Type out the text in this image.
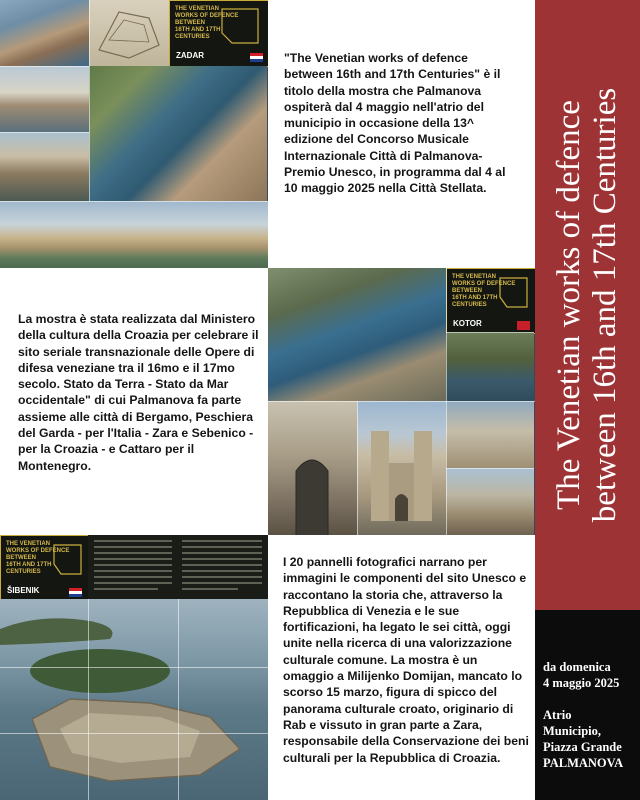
THE VENETIAN
WORKS OF DEFENCE
BETWEEN
16TH AND 17TH
CENTURIES
ZADAR
THE VENETIAN
WORKS OF DEFENCE
BETWEEN
16TH AND 17TH
CENTURIES
KOTOR
THE VENETIAN
WORKS OF DEFENCE
BETWEEN
16TH AND 17TH
CENTURIES
ŠIBENIK
"The Venetian works of defence between 16th and 17th Centuries" è il titolo della mostra che Palmanova ospiterà dal 4 maggio nell'atrio del municipio in occasione della 13^ edizione del Concorso Musicale Internazionale Città di Palmanova-Premio Unesco, in programma dal 4 al 10 maggio 2025 nella Città Stellata.
La mostra è stata realizzata dal Ministero della cultura della Croazia per celebrare il sito seriale transnazionale delle Opere di difesa veneziane tra il 16mo e il 17mo secolo. Stato da Terra - Stato da Mar occidentale" di cui Palmanova fa parte assieme alle città di Bergamo, Peschiera del Garda - per l'Italia - Zara e Sebenico - per la Croazia - e Cattaro per il Montenegro.
I 20 pannelli fotografici narrano per immagini le componenti del sito Unesco e raccontano la storia che, attraverso la Repubblica di Venezia e le sue fortificazioni, ha legato le sei città, oggi unite nella ricerca di una valorizzazione culturale comune. La mostra è un omaggio a Milijenko Domijan, mancato lo scorso 15 marzo, figura di spicco del panorama culturale croato, originario di Rab e vissuto in gran parte a Zara, responsabile della Conservazione dei beni culturali per la Repubblica di Croazia.
The Venetian works of defence between 16th and 17th Centuries
da domenica
4 maggio 2025
Atrio
Municipio,
Piazza Grande
PALMANOVA
